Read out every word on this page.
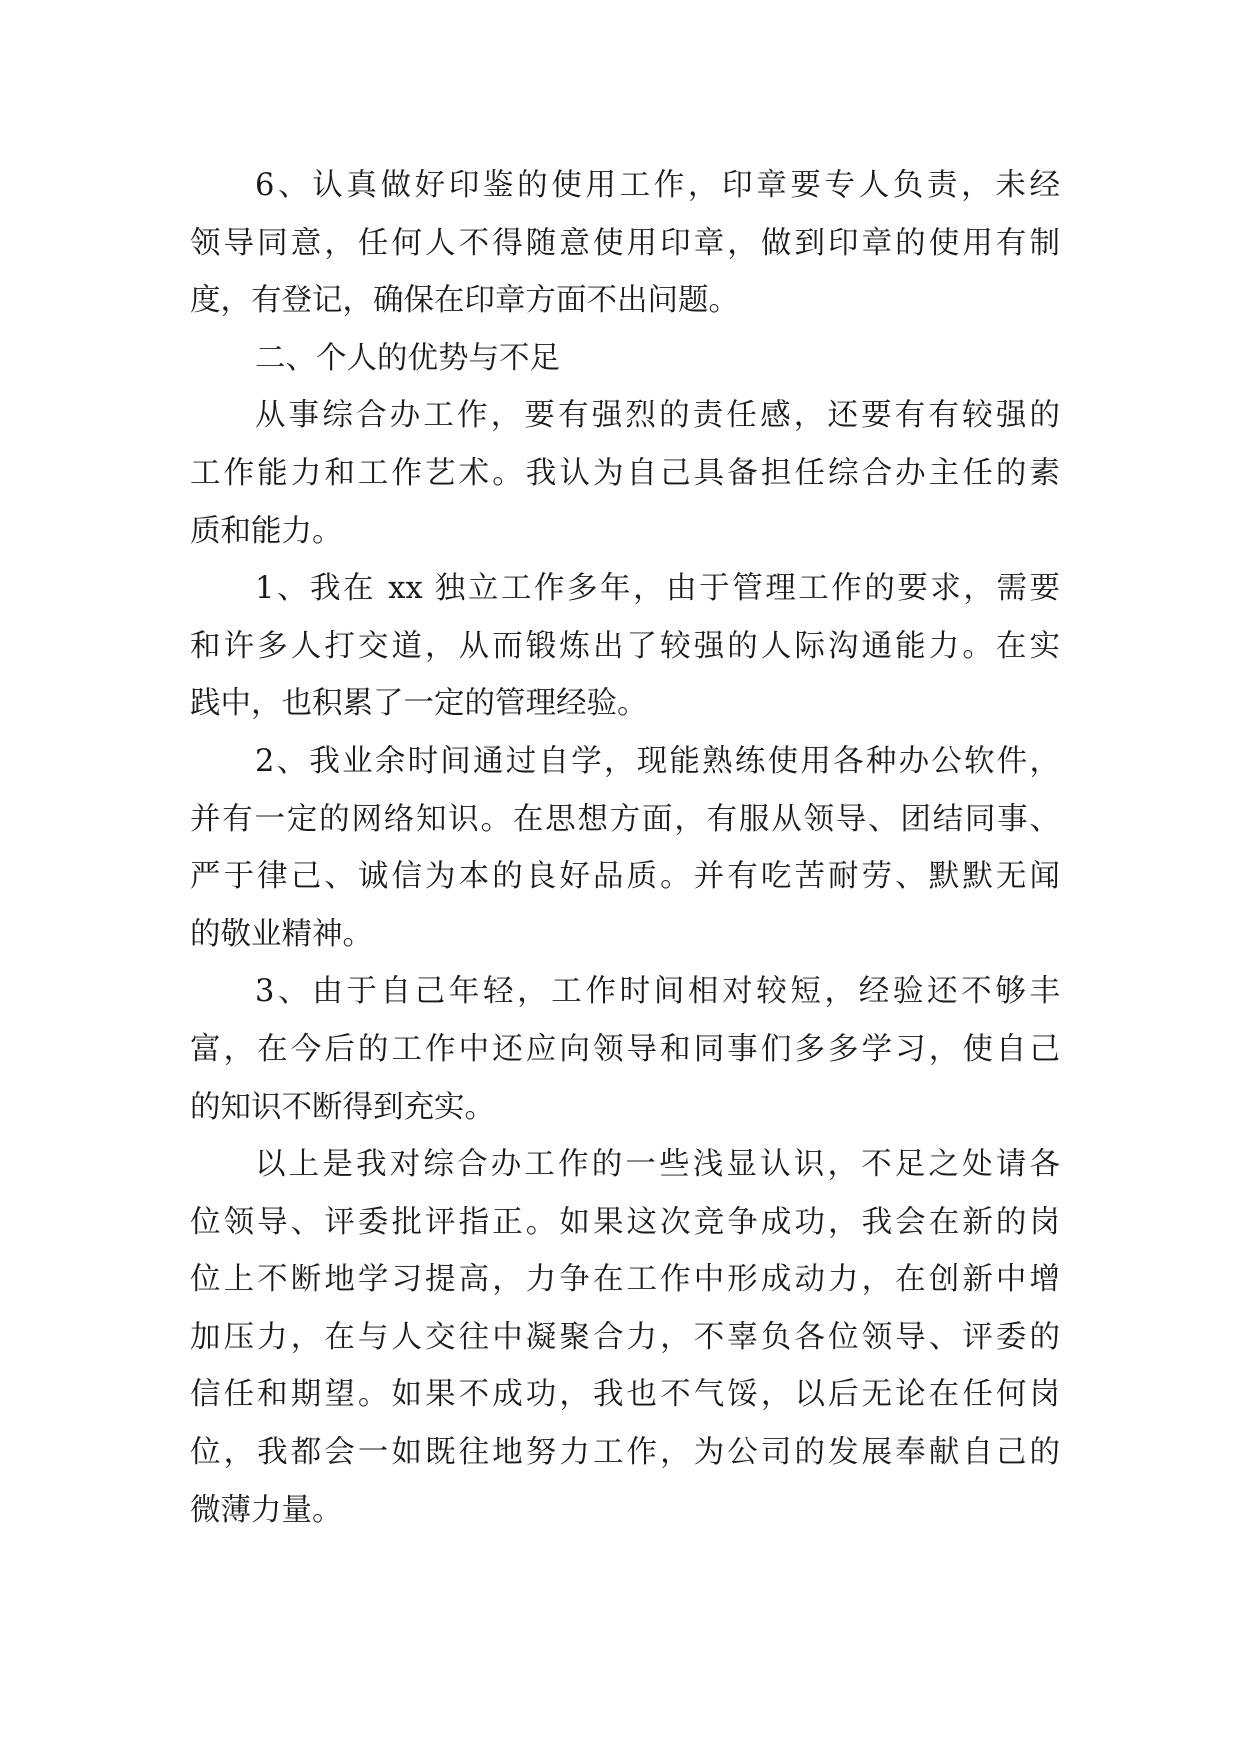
6、认真做好印鉴的使用工作，印章要专人负责，未经
领导同意，任何人不得随意使用印章，做到印章的使用有制
度，有登记，确保在印章方面不出问题。
二、个人的优势与不足
从事综合办工作，要有强烈的责任感，还要有有较强的
工作能力和工作艺术。我认为自己具备担任综合办主任的素
质和能力。
1、我在 xx 独立工作多年，由于管理工作的要求，需要
和许多人打交道，从而锻炼出了较强的人际沟通能力。在实
践中，也积累了一定的管理经验。
2、我业余时间通过自学，现能熟练使用各种办公软件，
并有一定的网络知识。在思想方面，有服从领导、团结同事、
严于律己、诚信为本的良好品质。并有吃苦耐劳、默默无闻
的敬业精神。
3、由于自己年轻，工作时间相对较短，经验还不够丰
富，在今后的工作中还应向领导和同事们多多学习，使自己
的知识不断得到充实。
以上是我对综合办工作的一些浅显认识，不足之处请各
位领导、评委批评指正。如果这次竞争成功，我会在新的岗
位上不断地学习提高，力争在工作中形成动力，在创新中增
加压力，在与人交往中凝聚合力，不辜负各位领导、评委的
信任和期望。如果不成功，我也不气馁，以后无论在任何岗
位，我都会一如既往地努力工作，为公司的发展奉献自己的
微薄力量。
